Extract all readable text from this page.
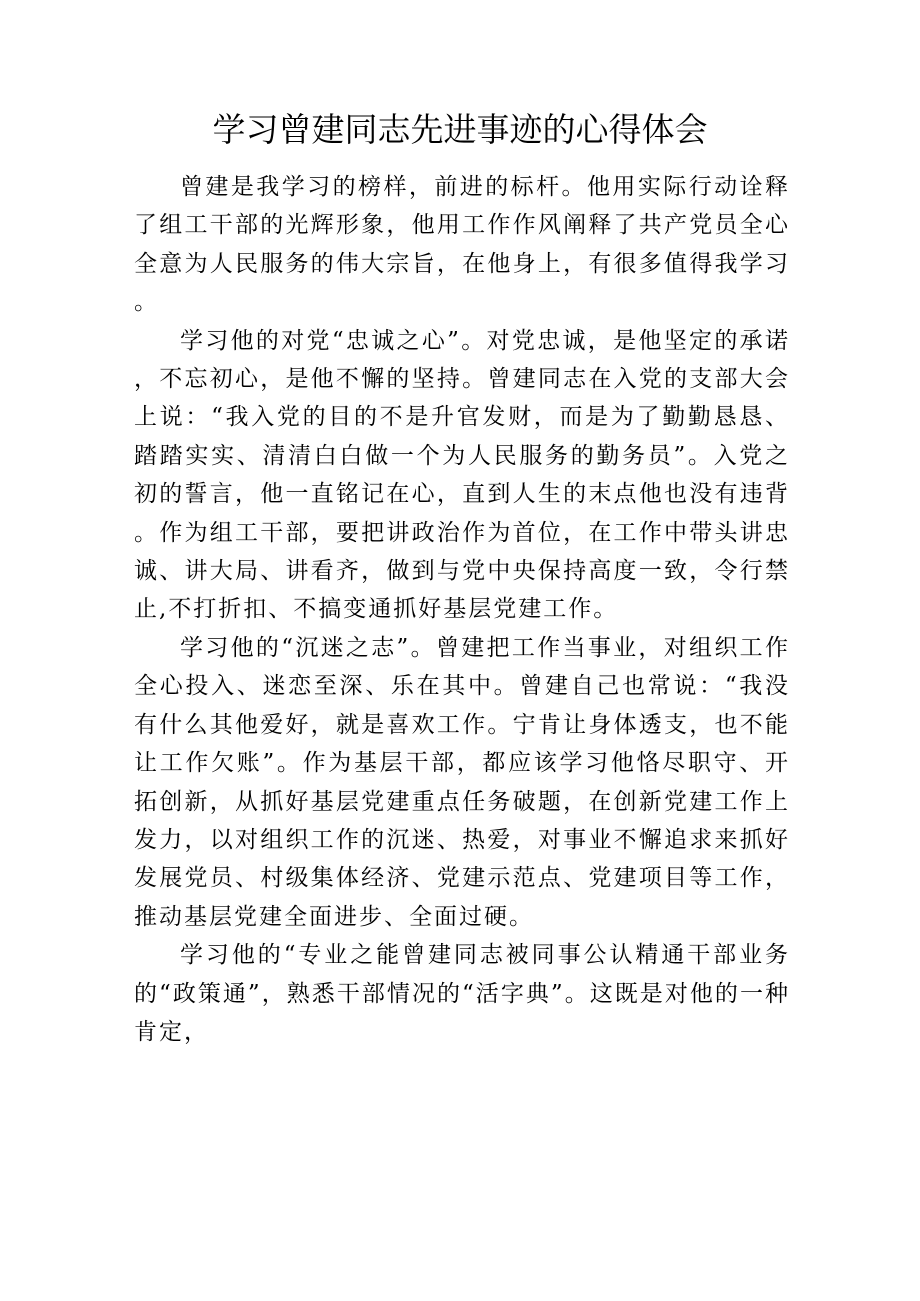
学习曾建同志先进事迹的心得体会

曾建是我学习的榜样，前进的标杆。他用实际行动诠释了组工干部的光辉形象，他用工作作风阐释了共产党员全心全意为人民服务的伟大宗旨，在他身上，有很多值得我学习。

学习他的对党“忠诚之心”。对党忠诚，是他坚定的承诺，不忘初心，是他不懈的坚持。曾建同志在入党的支部大会上说：“我入党的目的不是升官发财，而是为了勤勤恳恳、踏踏实实、清清白白做一个为人民服务的勤务员”。入党之初的誓言，他一直铭记在心，直到人生的末点他也没有违背。作为组工干部，要把讲政治作为首位，在工作中带头讲忠诚、讲大局、讲看齐，做到与党中央保持高度一致，令行禁止,不打折扣、不搞变通抓好基层党建工作。

学习他的“沉迷之志”。曾建把工作当事业，对组织工作全心投入、迷恋至深、乐在其中。曾建自己也常说：“我没有什么其他爱好，就是喜欢工作。宁肯让身体透支，也不能让工作欠账”。作为基层干部，都应该学习他恪尽职守、开拓创新，从抓好基层党建重点任务破题，在创新党建工作上发力，以对组织工作的沉迷、热爱，对事业不懈追求来抓好发展党员、村级集体经济、党建示范点、党建项目等工作，推动基层党建全面进步、全面过硬。

学习他的“专业之能曾建同志被同事公认精通干部业务的“政策通”，熟悉干部情况的“活字典”。这既是对他的一种肯定，
